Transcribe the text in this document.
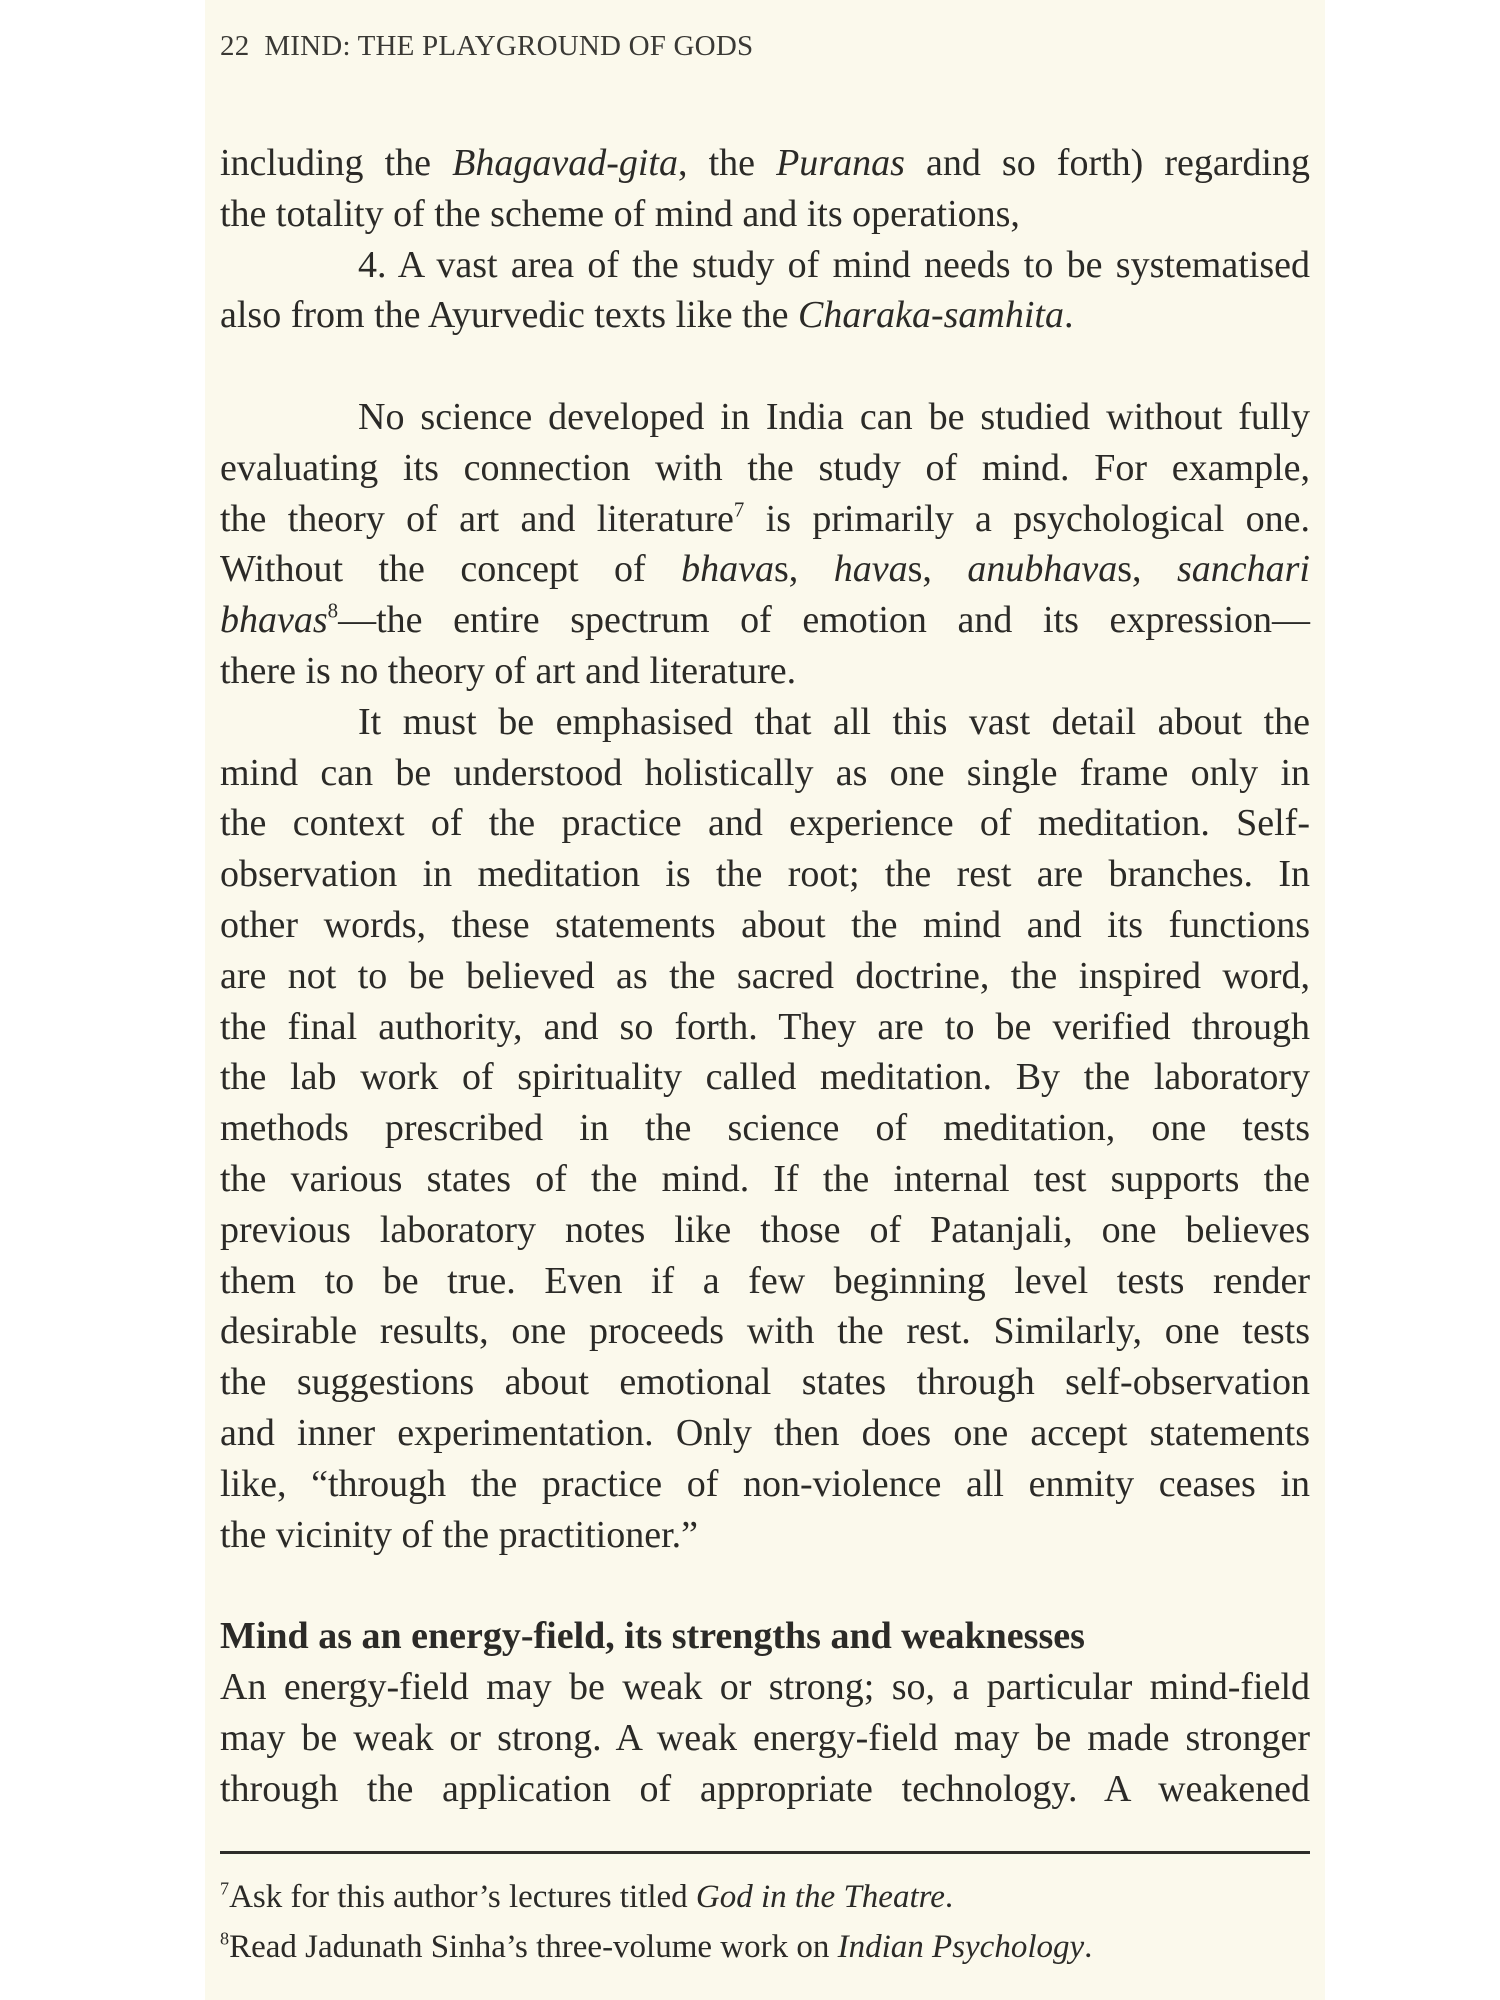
22 MIND: THE PLAYGROUND OF GODS
including the Bhagavad-gita, the Puranas and so forth) regarding
the totality of the scheme of mind and its operations,
4. A vast area of the study of mind needs to be systematised
also from the Ayurvedic texts like the Charaka-samhita.
No science developed in India can be studied without fully
evaluating its connection with the study of mind. For example,
the theory of art and literature$^7$ is primarily a psychological one.
Without the concept of bhavas, havas, anubhavas, sanchari
bhavas$^8$—the entire spectrum of emotion and its expression—
there is no theory of art and literature.
It must be emphasised that all this vast detail about the
mind can be understood holistically as one single frame only in
the context of the practice and experience of meditation. Self-
observation in meditation is the root; the rest are branches. In
other words, these statements about the mind and its functions
are not to be believed as the sacred doctrine, the inspired word,
the final authority, and so forth. They are to be verified through
the lab work of spirituality called meditation. By the laboratory
methods prescribed in the science of meditation, one tests
the various states of the mind. If the internal test supports the
previous laboratory notes like those of Patanjali, one believes
them to be true. Even if a few beginning level tests render
desirable results, one proceeds with the rest. Similarly, one tests
the suggestions about emotional states through self-observation
and inner experimentation. Only then does one accept statements
like, “through the practice of non-violence all enmity ceases in
the vicinity of the practitioner.”
Mind as an energy-field, its strengths and weaknesses
An energy-field may be weak or strong; so, a particular mind-field
may be weak or strong. A weak energy-field may be made stronger
through the application of appropriate technology. A weakened
$^7$Ask for this author’s lectures titled God in the Theatre.
$^8$Read Jadunath Sinha’s three-volume work on Indian Psychology.
